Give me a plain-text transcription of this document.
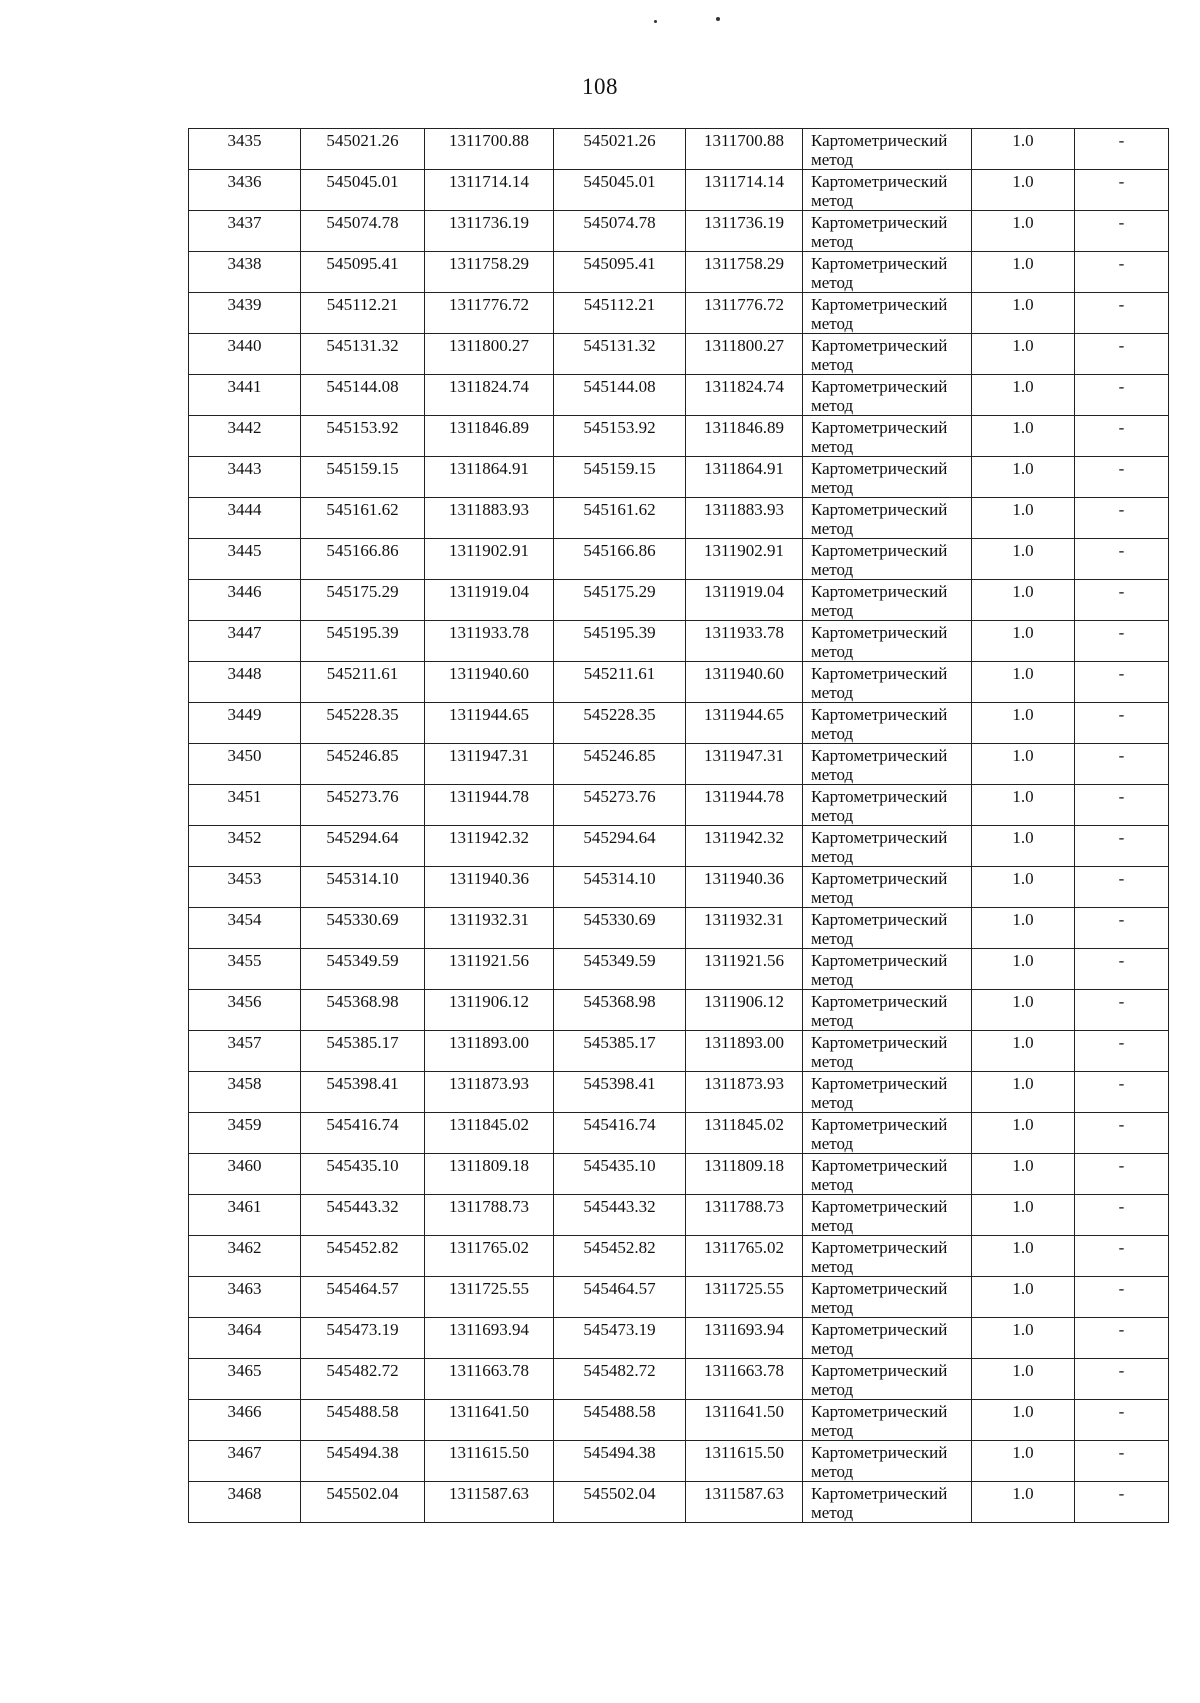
108
3435	545021.26	1311700.88	545021.26	1311700.88	Картометрический
метод	1.0	-
3436	545045.01	1311714.14	545045.01	1311714.14	Картометрический
метод	1.0	-
3437	545074.78	1311736.19	545074.78	1311736.19	Картометрический
метод	1.0	-
3438	545095.41	1311758.29	545095.41	1311758.29	Картометрический
метод	1.0	-
3439	545112.21	1311776.72	545112.21	1311776.72	Картометрический
метод	1.0	-
3440	545131.32	1311800.27	545131.32	1311800.27	Картометрический
метод	1.0	-
3441	545144.08	1311824.74	545144.08	1311824.74	Картометрический
метод	1.0	-
3442	545153.92	1311846.89	545153.92	1311846.89	Картометрический
метод	1.0	-
3443	545159.15	1311864.91	545159.15	1311864.91	Картометрический
метод	1.0	-
3444	545161.62	1311883.93	545161.62	1311883.93	Картометрический
метод	1.0	-
3445	545166.86	1311902.91	545166.86	1311902.91	Картометрический
метод	1.0	-
3446	545175.29	1311919.04	545175.29	1311919.04	Картометрический
метод	1.0	-
3447	545195.39	1311933.78	545195.39	1311933.78	Картометрический
метод	1.0	-
3448	545211.61	1311940.60	545211.61	1311940.60	Картометрический
метод	1.0	-
3449	545228.35	1311944.65	545228.35	1311944.65	Картометрический
метод	1.0	-
3450	545246.85	1311947.31	545246.85	1311947.31	Картометрический
метод	1.0	-
3451	545273.76	1311944.78	545273.76	1311944.78	Картометрический
метод	1.0	-
3452	545294.64	1311942.32	545294.64	1311942.32	Картометрический
метод	1.0	-
3453	545314.10	1311940.36	545314.10	1311940.36	Картометрический
метод	1.0	-
3454	545330.69	1311932.31	545330.69	1311932.31	Картометрический
метод	1.0	-
3455	545349.59	1311921.56	545349.59	1311921.56	Картометрический
метод	1.0	-
3456	545368.98	1311906.12	545368.98	1311906.12	Картометрический
метод	1.0	-
3457	545385.17	1311893.00	545385.17	1311893.00	Картометрический
метод	1.0	-
3458	545398.41	1311873.93	545398.41	1311873.93	Картометрический
метод	1.0	-
3459	545416.74	1311845.02	545416.74	1311845.02	Картометрический
метод	1.0	-
3460	545435.10	1311809.18	545435.10	1311809.18	Картометрический
метод	1.0	-
3461	545443.32	1311788.73	545443.32	1311788.73	Картометрический
метод	1.0	-
3462	545452.82	1311765.02	545452.82	1311765.02	Картометрический
метод	1.0	-
3463	545464.57	1311725.55	545464.57	1311725.55	Картометрический
метод	1.0	-
3464	545473.19	1311693.94	545473.19	1311693.94	Картометрический
метод	1.0	-
3465	545482.72	1311663.78	545482.72	1311663.78	Картометрический
метод	1.0	-
3466	545488.58	1311641.50	545488.58	1311641.50	Картометрический
метод	1.0	-
3467	545494.38	1311615.50	545494.38	1311615.50	Картометрический
метод	1.0	-
3468	545502.04	1311587.63	545502.04	1311587.63	Картометрический
метод	1.0	-
